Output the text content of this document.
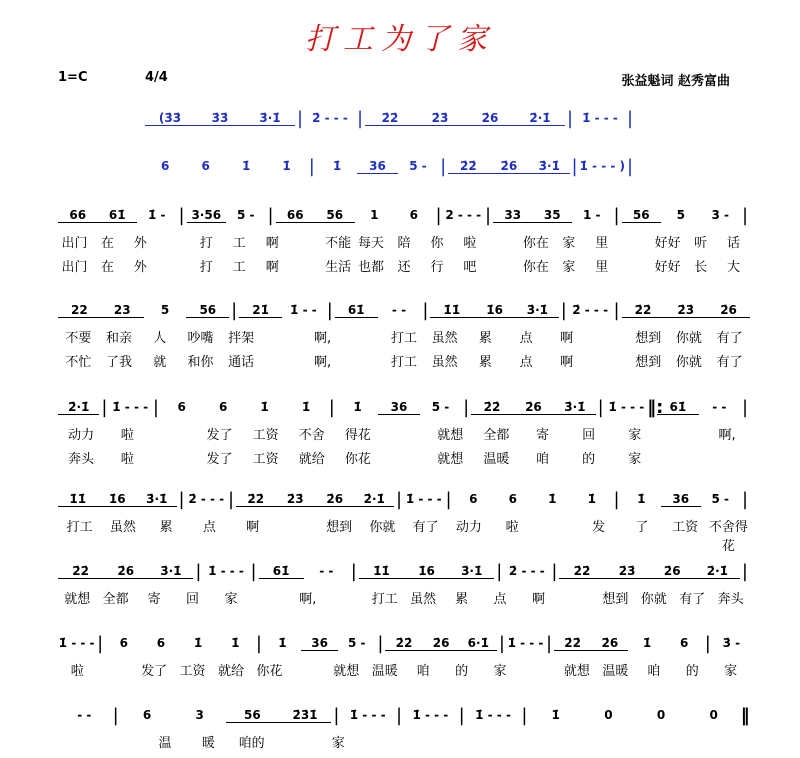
打工为了家
1=C	4/4	张益魁词 赵秀富曲
(3̇3̇	3̇3̇	3̇·1̇ | 2̇ - - - |	2̇2̇	2̇3̇	2̇6	2̇·1̇ | 1̇ - - - |
6	6	1̇	1̇	|	1̇	36	5 - |	2̇2̇	2̇6	3̇·1̇ | 1̇ - - - ) |
66	61̇	1̇ - | 3·56	5 - |	66	56	1	6 | 2 - - - |	33	35	1 - |	56	5	3 - |
出门	在	外	打	工	啊	不能 每天	陪	你	啦	你在	家	里	好好	听	话
出门	在	外	打	工	啊	生活 也都	还	行	吧	你在	家	里	好好	长	大
22	23	5	56 |	21̇	1̇ - - |	61̇	- - |	1̇1̇	1̇6	3̇·1̇ | 2̇ - - - |	2̇2̇	2̇3̇	2̇6
不要	和亲	人	吵嘴	拌架	啊,	打工	虽然	累	点	啊	想到	你就	有了
不忙	了我	就	和你	通话	啊,	打工	虽然	累	点	啊	想到	你就	有了
2̇·1̇ | 1̇ - - - |	6	6	1̇	1̇	|	1̇	36	5 - |	2̇2̇	2̇6	3̇·1̇ | 1̇ - - - ‖: 61̇	- - |
动力	啦	发了	工资	不舍	得花	就想	全都	寄	回	家	啊,
奔头	啦	发了	工资	就给	你花	就想	温暖	咱	的	家
1̇1̇	1̇6	3̇·1̇ | 2̇ - - - |	2̇2̇	2̇3̇	2̇6	2̇·1̇ | 1̇ - - - |	6	6	1̇	1̇ |	1̇	36	5 - |
打工	虽然	累	点	啊	想到	你就	有了	动力	啦	发	了	工资 不舍得花
2̇2̇	2̇6	3̇·1̇ | 1̇ - - - |	61̇	- - |	1̇1̇	1̇6	3̇·1̇ | 2̇ - - - |	2̇2̇	2̇3̇	2̇6	2̇·1̇ |
就想 全都	寄	回	家	啊,	打工 虽然	累	点	啊	想到 你就 有了 奔头
1̇ - - - |	6	6	1̇	1̇ |	1̇	36	5 - |	2̇2̇	2̇6	6·1̇ | 1̇ - - - |	2̇2̇	2̇6	1̇	6 | 3̇ -
啦	发了 工资 就给 你花	就想 温暖	咱	的	家	就想 温暖	咱	的	家
- -	|	6	3	56	2̇3̇1̇ | 1̇ - - - | 1̇ - - - | 1̇ - - - |	1̇	0	0	0	‖
温	暖	咱的	家
